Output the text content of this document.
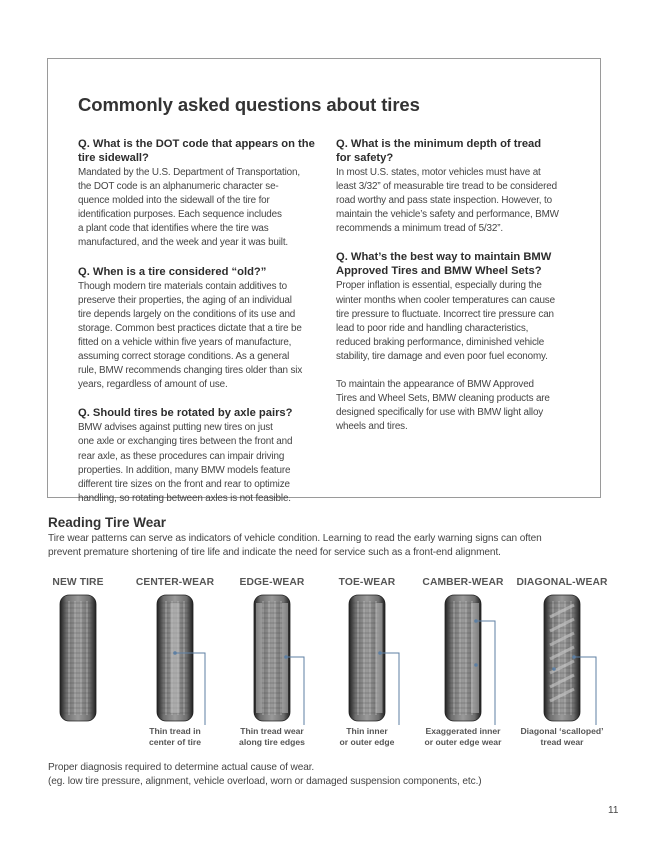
Commonly asked questions about tires

Q. What is the DOT code that appears on the
tire sidewall?

Mandated by the U.S. Department of Transportation,
the DOT code is an alphanumeric character se-
quence molded into the sidewall of the tire for
identification purposes. Each sequence includes
a plant code that identifies where the tire was
manufactured, and the week and year it was built.

Q. When is a tire considered “old?”

Though modern tire materials contain additives to
preserve their properties, the aging of an individual
tire depends largely on the conditions of its use and
storage. Common best practices dictate that a tire be
fitted on a vehicle within five years of manufacture,
assuming correct storage conditions. As a general
rule, BMW recommends changing tires older than six
years, regardless of amount of use.

Q. Should tires be rotated by axle pairs?

BMW advises against putting new tires on just
one axle or exchanging tires between the front and
rear axle, as these procedures can impair driving
properties. In addition, many BMW models feature
different tire sizes on the front and rear to optimize
handling, so rotating between axles is not feasible.

Q. What is the minimum depth of tread
for safety?

In most U.S. states, motor vehicles must have at
least 3/32” of measurable tire tread to be considered
road worthy and pass state inspection. However, to
maintain the vehicle’s safety and performance, BMW
recommends a minimum tread of 5/32”.

Q. What’s the best way to maintain BMW
Approved Tires and BMW Wheel Sets?

Proper inflation is essential, especially during the
winter months when cooler temperatures can cause
tire pressure to fluctuate. Incorrect tire pressure can
lead to poor ride and handling characteristics,
reduced braking performance, diminished vehicle
stability, tire damage and even poor fuel economy.

To maintain the appearance of BMW Approved
Tires and Wheel Sets, BMW cleaning products are
designed specifically for use with BMW light alloy
wheels and tires.

Reading Tire Wear

Tire wear patterns can serve as indicators of vehicle condition. Learning to read the early warning signs can often
prevent premature shortening of tire life and indicate the need for service such as a front-end alignment.

NEW TIRE	CENTER-WEAR
Thin tread in
center of tire
EDGE-WEAR
Thin tread wear
along tire edges
TOE-WEAR
Thin inner
or outer edge
CAMBER-WEAR
Exaggerated inner
or outer edge wear
DIAGONAL-WEAR
Diagonal ‘scalloped’
tread wear

Proper diagnosis required to determine actual cause of wear.

(eg. low tire pressure, alignment, vehicle overload, worn or damaged suspension components, etc.)

11
